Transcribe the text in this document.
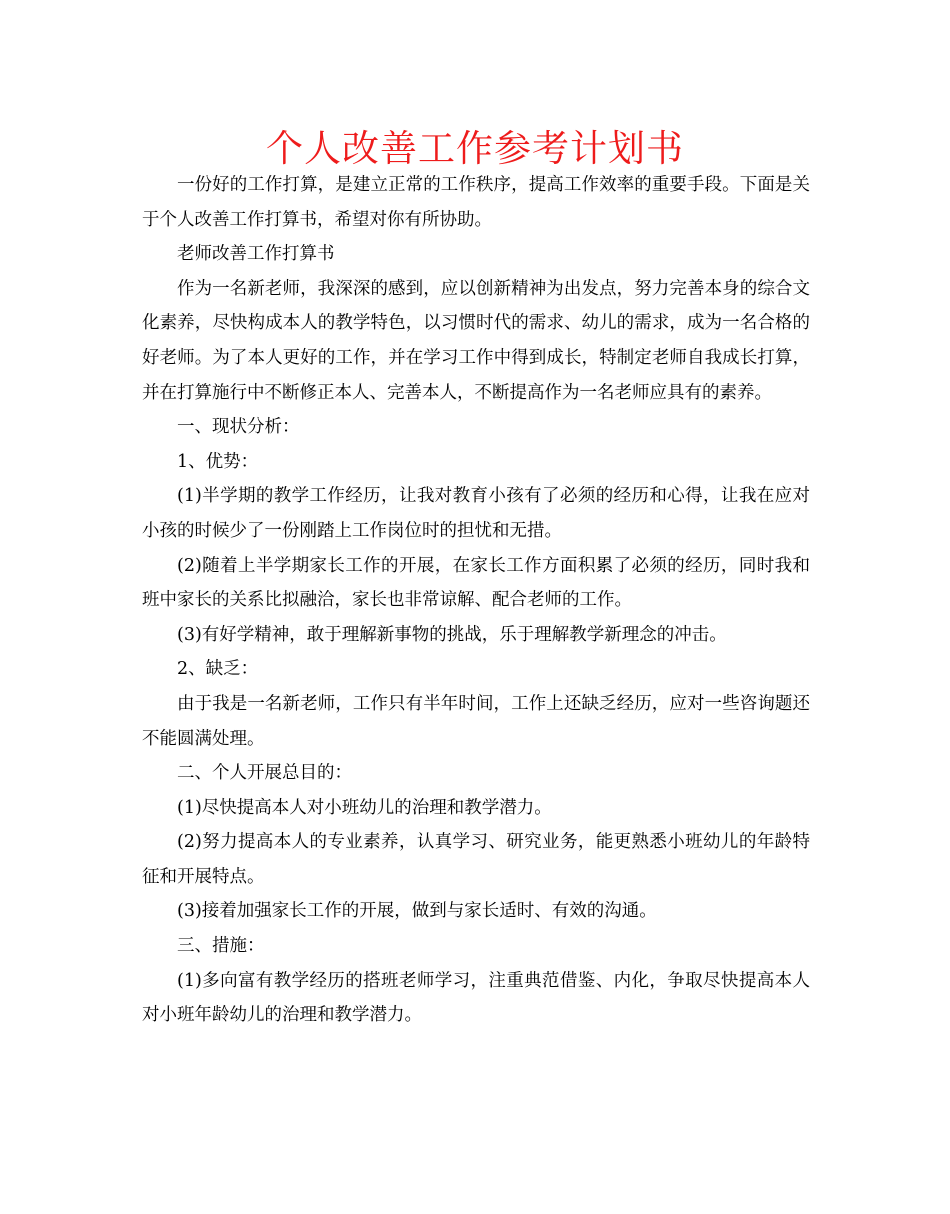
个人改善工作参考计划书

一份好的工作打算，是建立正常的工作秩序，提高工作效率的重要手段。下面是关于个人改善工作打算书，希望对你有所协助。

老师改善工作打算书

作为一名新老师，我深深的感到，应以创新精神为出发点，努力完善本身的综合文化素养，尽快构成本人的教学特色，以习惯时代的需求、幼儿的需求，成为一名合格的好老师。为了本人更好的工作，并在学习工作中得到成长，特制定老师自我成长打算，并在打算施行中不断修正本人、完善本人，不断提高作为一名老师应具有的素养。

一、现状分析：

1、优势：

(1)半学期的教学工作经历，让我对教育小孩有了必须的经历和心得，让我在应对小孩的时候少了一份刚踏上工作岗位时的担忧和无措。

(2)随着上半学期家长工作的开展，在家长工作方面积累了必须的经历，同时我和班中家长的关系比拟融洽，家长也非常谅解、配合老师的工作。

(3)有好学精神，敢于理解新事物的挑战，乐于理解教学新理念的冲击。

2、缺乏：

由于我是一名新老师，工作只有半年时间，工作上还缺乏经历，应对一些咨询题还不能圆满处理。

二、个人开展总目的：

(1)尽快提高本人对小班幼儿的治理和教学潜力。

(2)努力提高本人的专业素养，认真学习、研究业务，能更熟悉小班幼儿的年龄特征和开展特点。

(3)接着加强家长工作的开展，做到与家长适时、有效的沟通。

三、措施：

(1)多向富有教学经历的搭班老师学习，注重典范借鉴、内化，争取尽快提高本人对小班年龄幼儿的治理和教学潜力。
